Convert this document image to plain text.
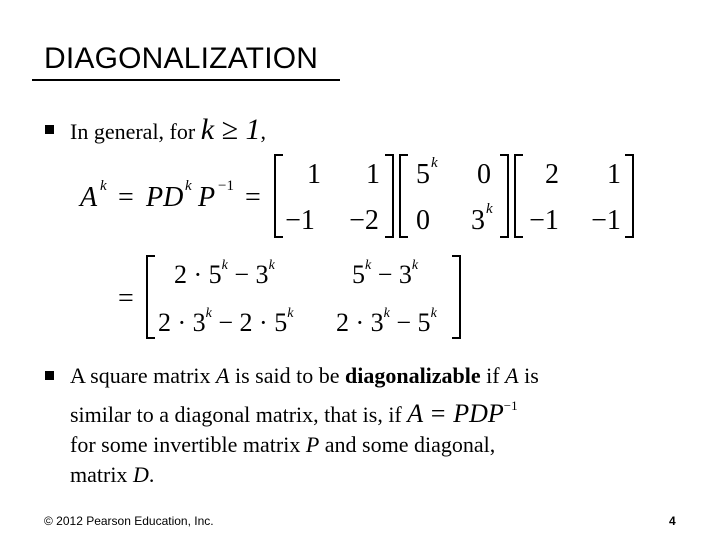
DIAGONALIZATION
In general, for k ≥ 1,
A k = PD k P −1 =
1 1
−1 −2
5 k 0
0 3 k
2 1
−1 −1
=
$2 \cdot 5^k - 3^k$	$5^k - 3^k$
$2 \cdot 3^k - 2 \cdot 5^k$ $2 \cdot 3^k - 5^k$
A square matrix A is said to be diagonalizable if A is
similar to a diagonal matrix, that is, if $A = PDP^{-1}$
for some invertible matrix P and some diagonal,
matrix D.
© 2012 Pearson Education, Inc.	4
